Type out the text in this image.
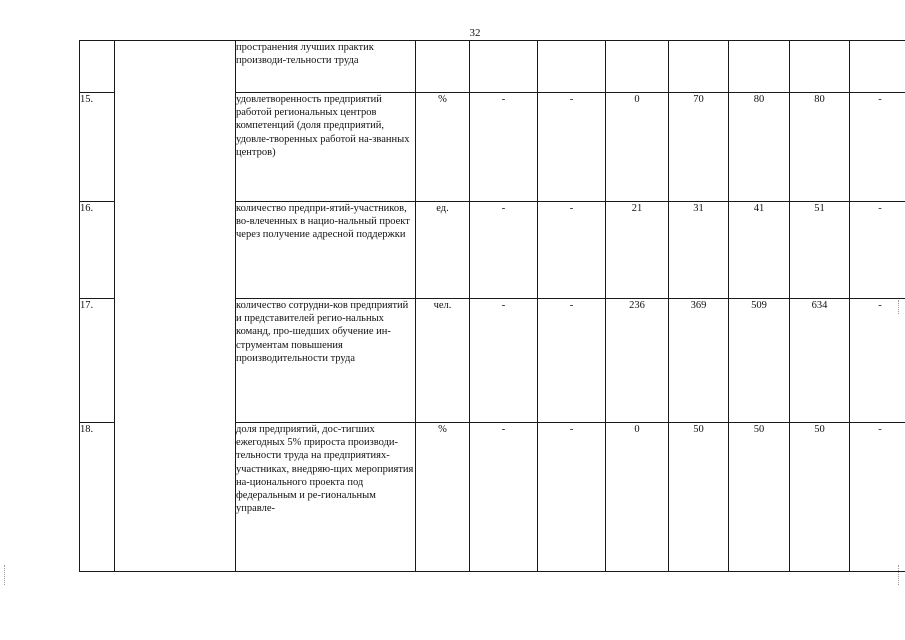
32
		пространения лучших практик производи-тельности труда								
15.		удовлетворенность предприятий работой региональных центров компетенций (доля предприятий, удовле-творенных работой на-званных центров)	%	-	-	0	70	80	80	-
16.		количество предпри-ятий-участников, во-влеченных в нацио-нальный проект через получение адресной поддержки	ед.	-	-	21	31	41	51	-
17.		количество сотрудни-ков предприятий и представителей регио-нальных команд, про-шедших обучение ин-струментам повышения производительности труда	чел.	-	-	236	369	509	634	-
18.		доля предприятий, дос-тигших ежегодных 5% прироста производи-тельности труда на предприятиях-участниках, внедряю-щих мероприятия на-ционального проекта под федеральным и ре-гиональным управле-	%	-	-	0	50	50	50	-
